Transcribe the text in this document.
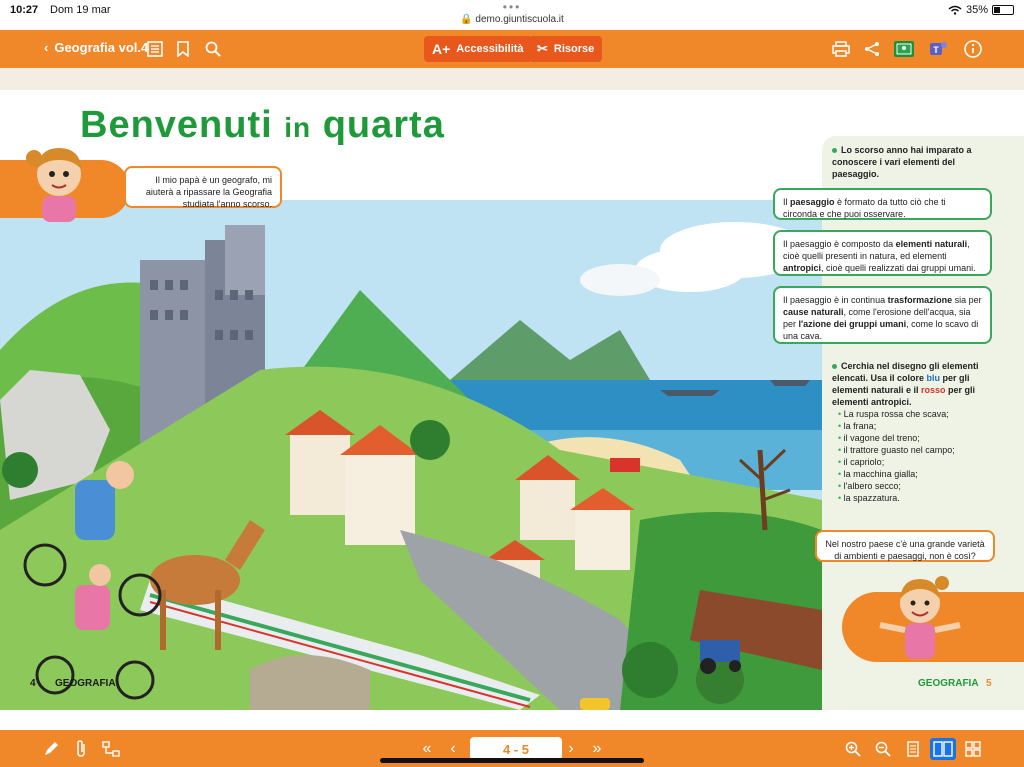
10:27 Dom 19 mar	•••
🔒 demo.giuntiscuola.it
35%
‹ Geografia vol.4	A+ Accessibilità ✂ Risorse	T
Benvenuti in quarta
Il mio papà è un geografo, mi aiuterà a ripassare la Geografia studiata l'anno scorso.
Lo scorso anno hai imparato a conoscere i vari elementi del paesaggio.
Il paesaggio è formato da tutto ciò che ti circonda e che puoi osservare.
Il paesaggio è composto da elementi naturali, cioè quelli presenti in natura, ed elementi antropici, cioè quelli realizzati dai gruppi umani.
Il paesaggio è in continua trasformazione sia per cause naturali, come l'erosione dell'acqua, sia per l'azione dei gruppi umani, come lo scavo di una cava.
Cerchia nel disegno gli elementi elencati. Usa il colore blu per gli elementi naturali e il rosso per gli elementi antropici.
• La ruspa rossa che scava;
• la frana;
• il vagone del treno;
• il trattore guasto nel campo;
• il capriolo;
• la macchina gialla;
• l'albero secco;
• la spazzatura.
Nel nostro paese c'è una grande varietà di ambienti e paesaggi, non è così?
4 GEOGRAFIA	GEOGRAFIA 5
«	‹	4 - 5	›	»
